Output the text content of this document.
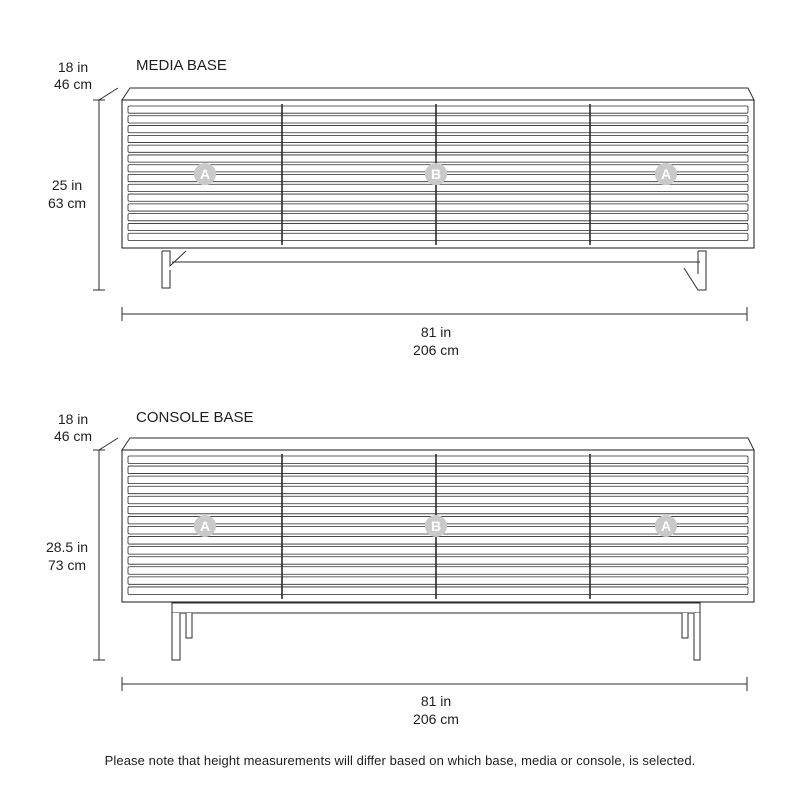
MEDIA BASE
18 in
46 cm
A	B	A
25 in
63 cm
81 in
206 cm
CONSOLE BASE
18 in
46 cm
A	B	A
28.5 in
73 cm
81 in
206 cm
Please note that height measurements will differ based on which base, media or console, is selected.
